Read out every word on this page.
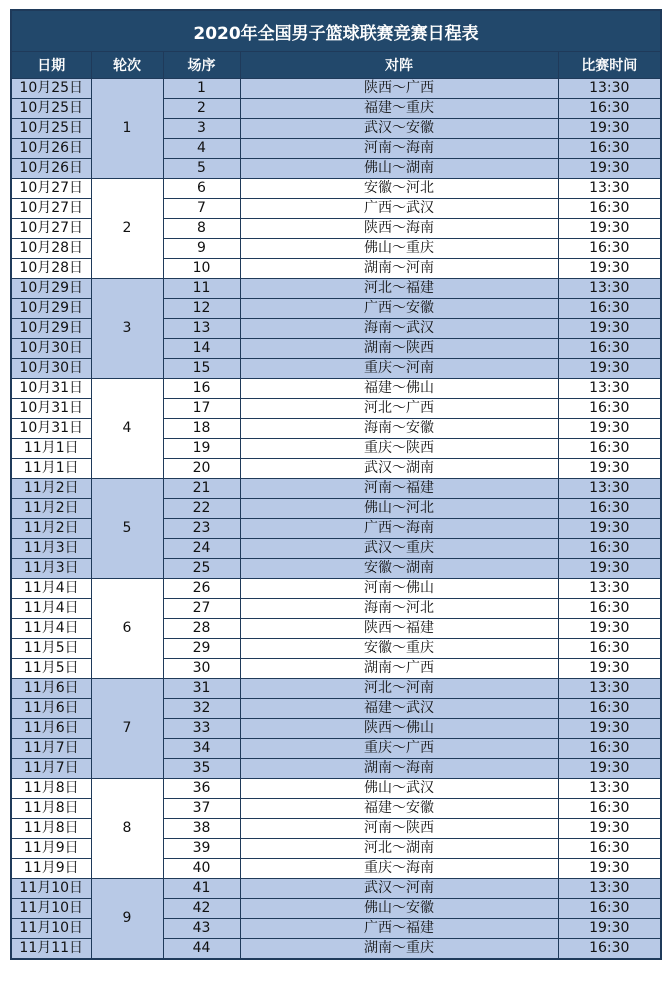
2020年全国男子篮球联赛竞赛日程表				
日期	轮次	场序	对阵	比赛时间
10月25日	1	1	陕西～广西	13:30
10月25日		2	福建～重庆	16:30
10月25日		3	武汉～安徽	19:30
10月26日		4	河南～海南	16:30
10月26日		5	佛山～湖南	19:30
10月27日	2	6	安徽～河北	13:30
10月27日		7	广西～武汉	16:30
10月27日		8	陕西～海南	19:30
10月28日		9	佛山～重庆	16:30
10月28日		10	湖南～河南	19:30
10月29日	3	11	河北～福建	13:30
10月29日		12	广西～安徽	16:30
10月29日		13	海南～武汉	19:30
10月30日		14	湖南～陕西	16:30
10月30日		15	重庆～河南	19:30
10月31日	4	16	福建～佛山	13:30
10月31日		17	河北～广西	16:30
10月31日		18	海南～安徽	19:30
11月1日		19	重庆～陕西	16:30
11月1日		20	武汉～湖南	19:30
11月2日	5	21	河南～福建	13:30
11月2日		22	佛山～河北	16:30
11月2日		23	广西～海南	19:30
11月3日		24	武汉～重庆	16:30
11月3日		25	安徽～湖南	19:30
11月4日	6	26	河南～佛山	13:30
11月4日		27	海南～河北	16:30
11月4日		28	陕西～福建	19:30
11月5日		29	安徽～重庆	16:30
11月5日		30	湖南～广西	19:30
11月6日	7	31	河北～河南	13:30
11月6日		32	福建～武汉	16:30
11月6日		33	陕西～佛山	19:30
11月7日		34	重庆～广西	16:30
11月7日		35	湖南～海南	19:30
11月8日	8	36	佛山～武汉	13:30
11月8日		37	福建～安徽	16:30
11月8日		38	河南～陕西	19:30
11月9日		39	河北～湖南	16:30
11月9日		40	重庆～海南	19:30
11月10日	9	41	武汉～河南	13:30
11月10日		42	佛山～安徽	16:30
11月10日		43	广西～福建	19:30
11月11日		44	湖南～重庆	16:30
